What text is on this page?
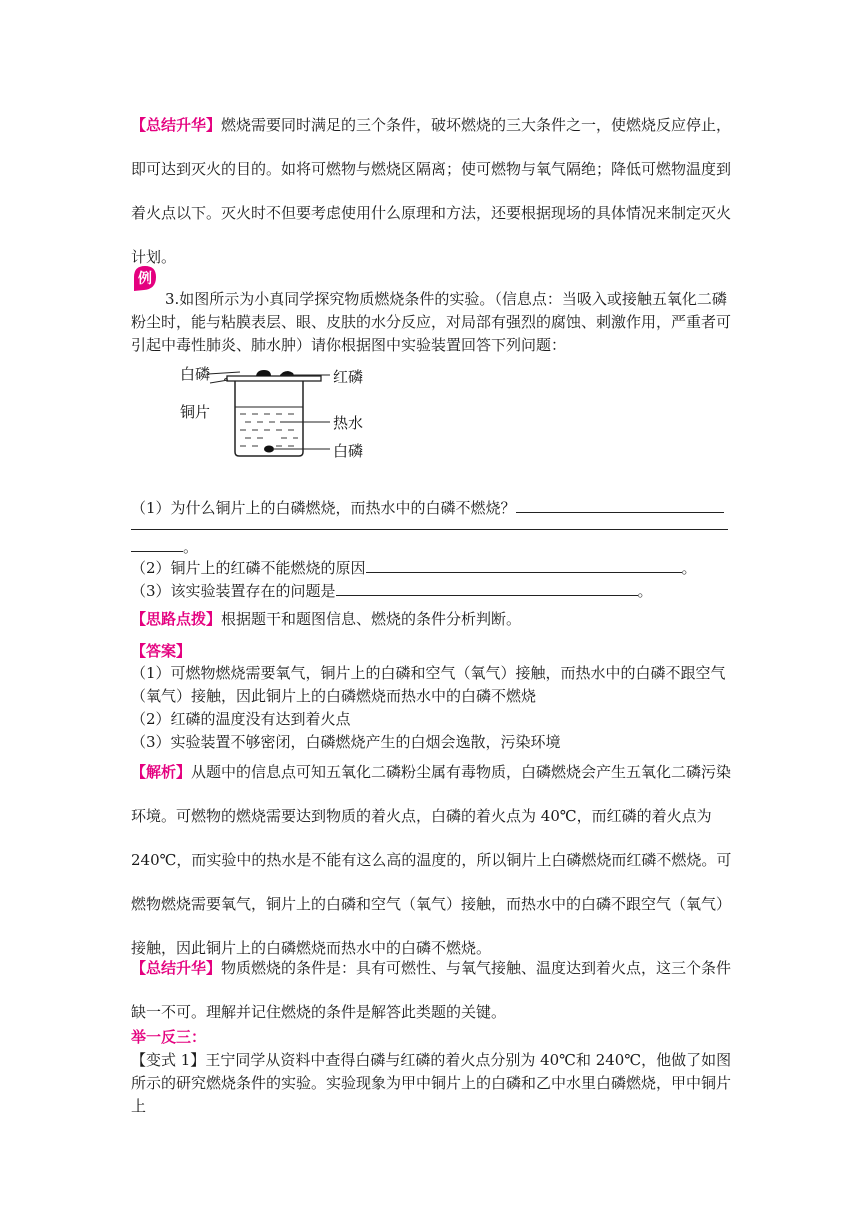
【总结升华】燃烧需要同时满足的三个条件，破坏燃烧的三大条件之一，使燃烧反应停止，即可达到灭火的目的。如将可燃物与燃烧区隔离；使可燃物与氧气隔绝；降低可燃物温度到着火点以下。灭火时不但要考虑使用什么原理和方法，还要根据现场的具体情况来制定灭火计划。

例

3.如图所示为小真同学探究物质燃烧条件的实验。（信息点：当吸入或接触五氧化二磷粉尘时，能与粘膜表层、眼、皮肤的水分反应，对局部有强烈的腐蚀、刺激作用，严重者可引起中毒性肺炎、肺水肿）请你根据图中实验装置回答下列问题：

白磷	红磷
铜片
热水
白磷
（1）为什么铜片上的白磷燃烧，而热水中的白磷不燃烧？
。
（2）铜片上的红磷不能燃烧的原因	。
（3）该实验装置存在的问题是	。

【思路点拨】根据题干和题图信息、燃烧的条件分析判断。

【答案】

（1）可燃物燃烧需要氧气，铜片上的白磷和空气（氧气）接触，而热水中的白磷不跟空气（氧气）接触，因此铜片上的白磷燃烧而热水中的白磷不燃烧

（2）红磷的温度没有达到着火点

（3）实验装置不够密闭，白磷燃烧产生的白烟会逸散，污染环境

【解析】从题中的信息点可知五氧化二磷粉尘属有毒物质，白磷燃烧会产生五氧化二磷污染环境。可燃物的燃烧需要达到物质的着火点，白磷的着火点为 40℃，而红磷的着火点为 240℃，而实验中的热水是不能有这么高的温度的，所以铜片上白磷燃烧而红磷不燃烧。可燃物燃烧需要氧气，铜片上的白磷和空气（氧气）接触，而热水中的白磷不跟空气（氧气）接触，因此铜片上的白磷燃烧而热水中的白磷不燃烧。

【总结升华】物质燃烧的条件是：具有可燃性、与氧气接触、温度达到着火点，这三个条件缺一不可。理解并记住燃烧的条件是解答此类题的关键。

举一反三：

【变式 1】王宁同学从资料中查得白磷与红磷的着火点分别为 40℃和 240℃，他做了如图所示的研究燃烧条件的实验。实验现象为甲中铜片上的白磷和乙中水里白磷燃烧，甲中铜片上
